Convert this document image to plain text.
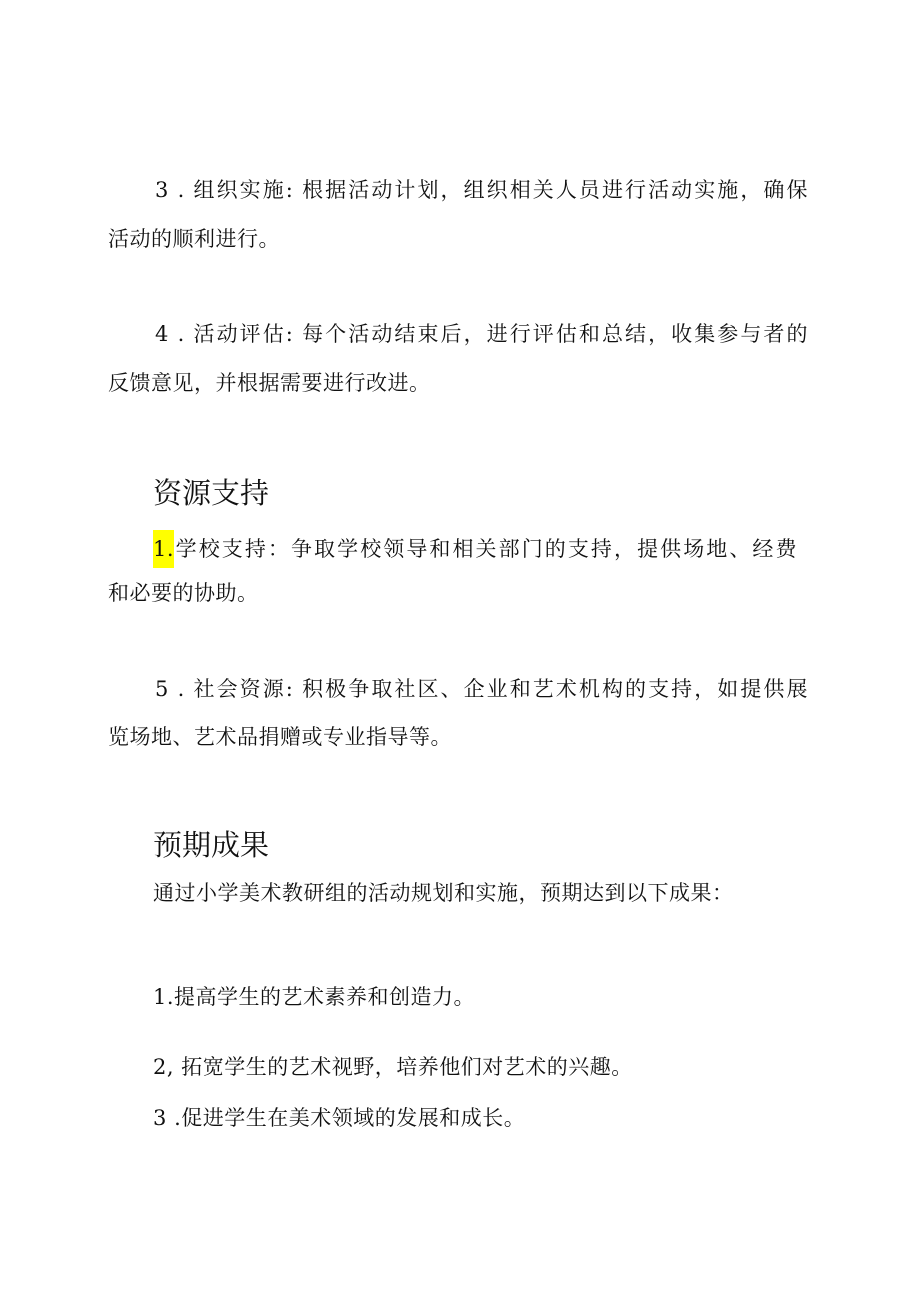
3 . 组织实施: 根据活动计划，组织相关人员进行活动实施，确保

活动的顺利进行。

4 . 活动评估: 每个活动结束后，进行评估和总结，收集参与者的

反馈意见，并根据需要进行改进。

资源支持
1.学校支持：争取学校领导和相关部门的支持，提供场地、经费

和必要的协助。

5 . 社会资源: 积极争取社区、企业和艺术机构的支持，如提供展

览场地、艺术品捐赠或专业指导等。

预期成果

通过小学美术教研组的活动规划和实施，预期达到以下成果：

1.提高学生的艺术素养和创造力。

2, 拓宽学生的艺术视野，培养他们对艺术的兴趣。

3 .促进学生在美术领域的发展和成长。
